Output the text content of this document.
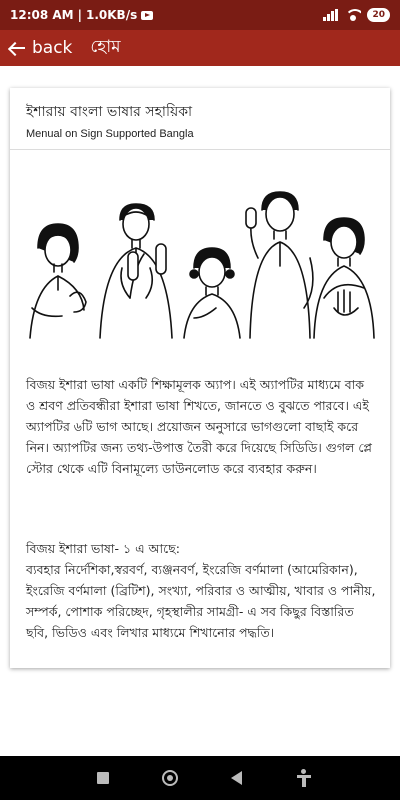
12:08 AM | 1.0KB/s	20
back হোম
ইশারায় বাংলা ভাষার সহায়িকা
Menual on Sign Supported Bangla
বিজয় ইশারা ভাষা একটি শিক্ষামূলক অ্যাপ। এই অ্যাপটির মাধ্যমে বাক ও শ্রবণ প্রতিবন্ধীরা ইশারা ভাষা শিখতে, জানতে ও বুঝতে পারবে। এই অ্যাপটির ৬টি ভাগ আছে। প্রয়োজন অনুসারে ভাগগুলো বাছাই করে নিন। অ্যাপটির জন্য তথ্য-উপাত্ত তৈরী করে দিয়েছে সিডিডি। গুগল প্লে স্টোর থেকে এটি বিনামূল্যে ডাউনলোড করে ব্যবহার করুন।
বিজয় ইশারা ভাষা- ১ এ আছে:
ব্যবহার নির্দেশিকা,স্বরবর্ণ, ব্যঞ্জনবর্ণ, ইংরেজি বর্ণমালা (আমেরিকান), ইংরেজি বর্ণমালা (ব্রিটিশ), সংখ্যা, পরিবার ও আত্মীয়, খাবার ও পানীয়, সম্পর্ক, পোশাক পরিচ্ছেদ, গৃহস্থালীর সামগ্রী- এ সব কিছুর বিস্তারিত ছবি, ভিডিও এবং লিখার মাধ্যমে শিখানোর পদ্ধতি।
